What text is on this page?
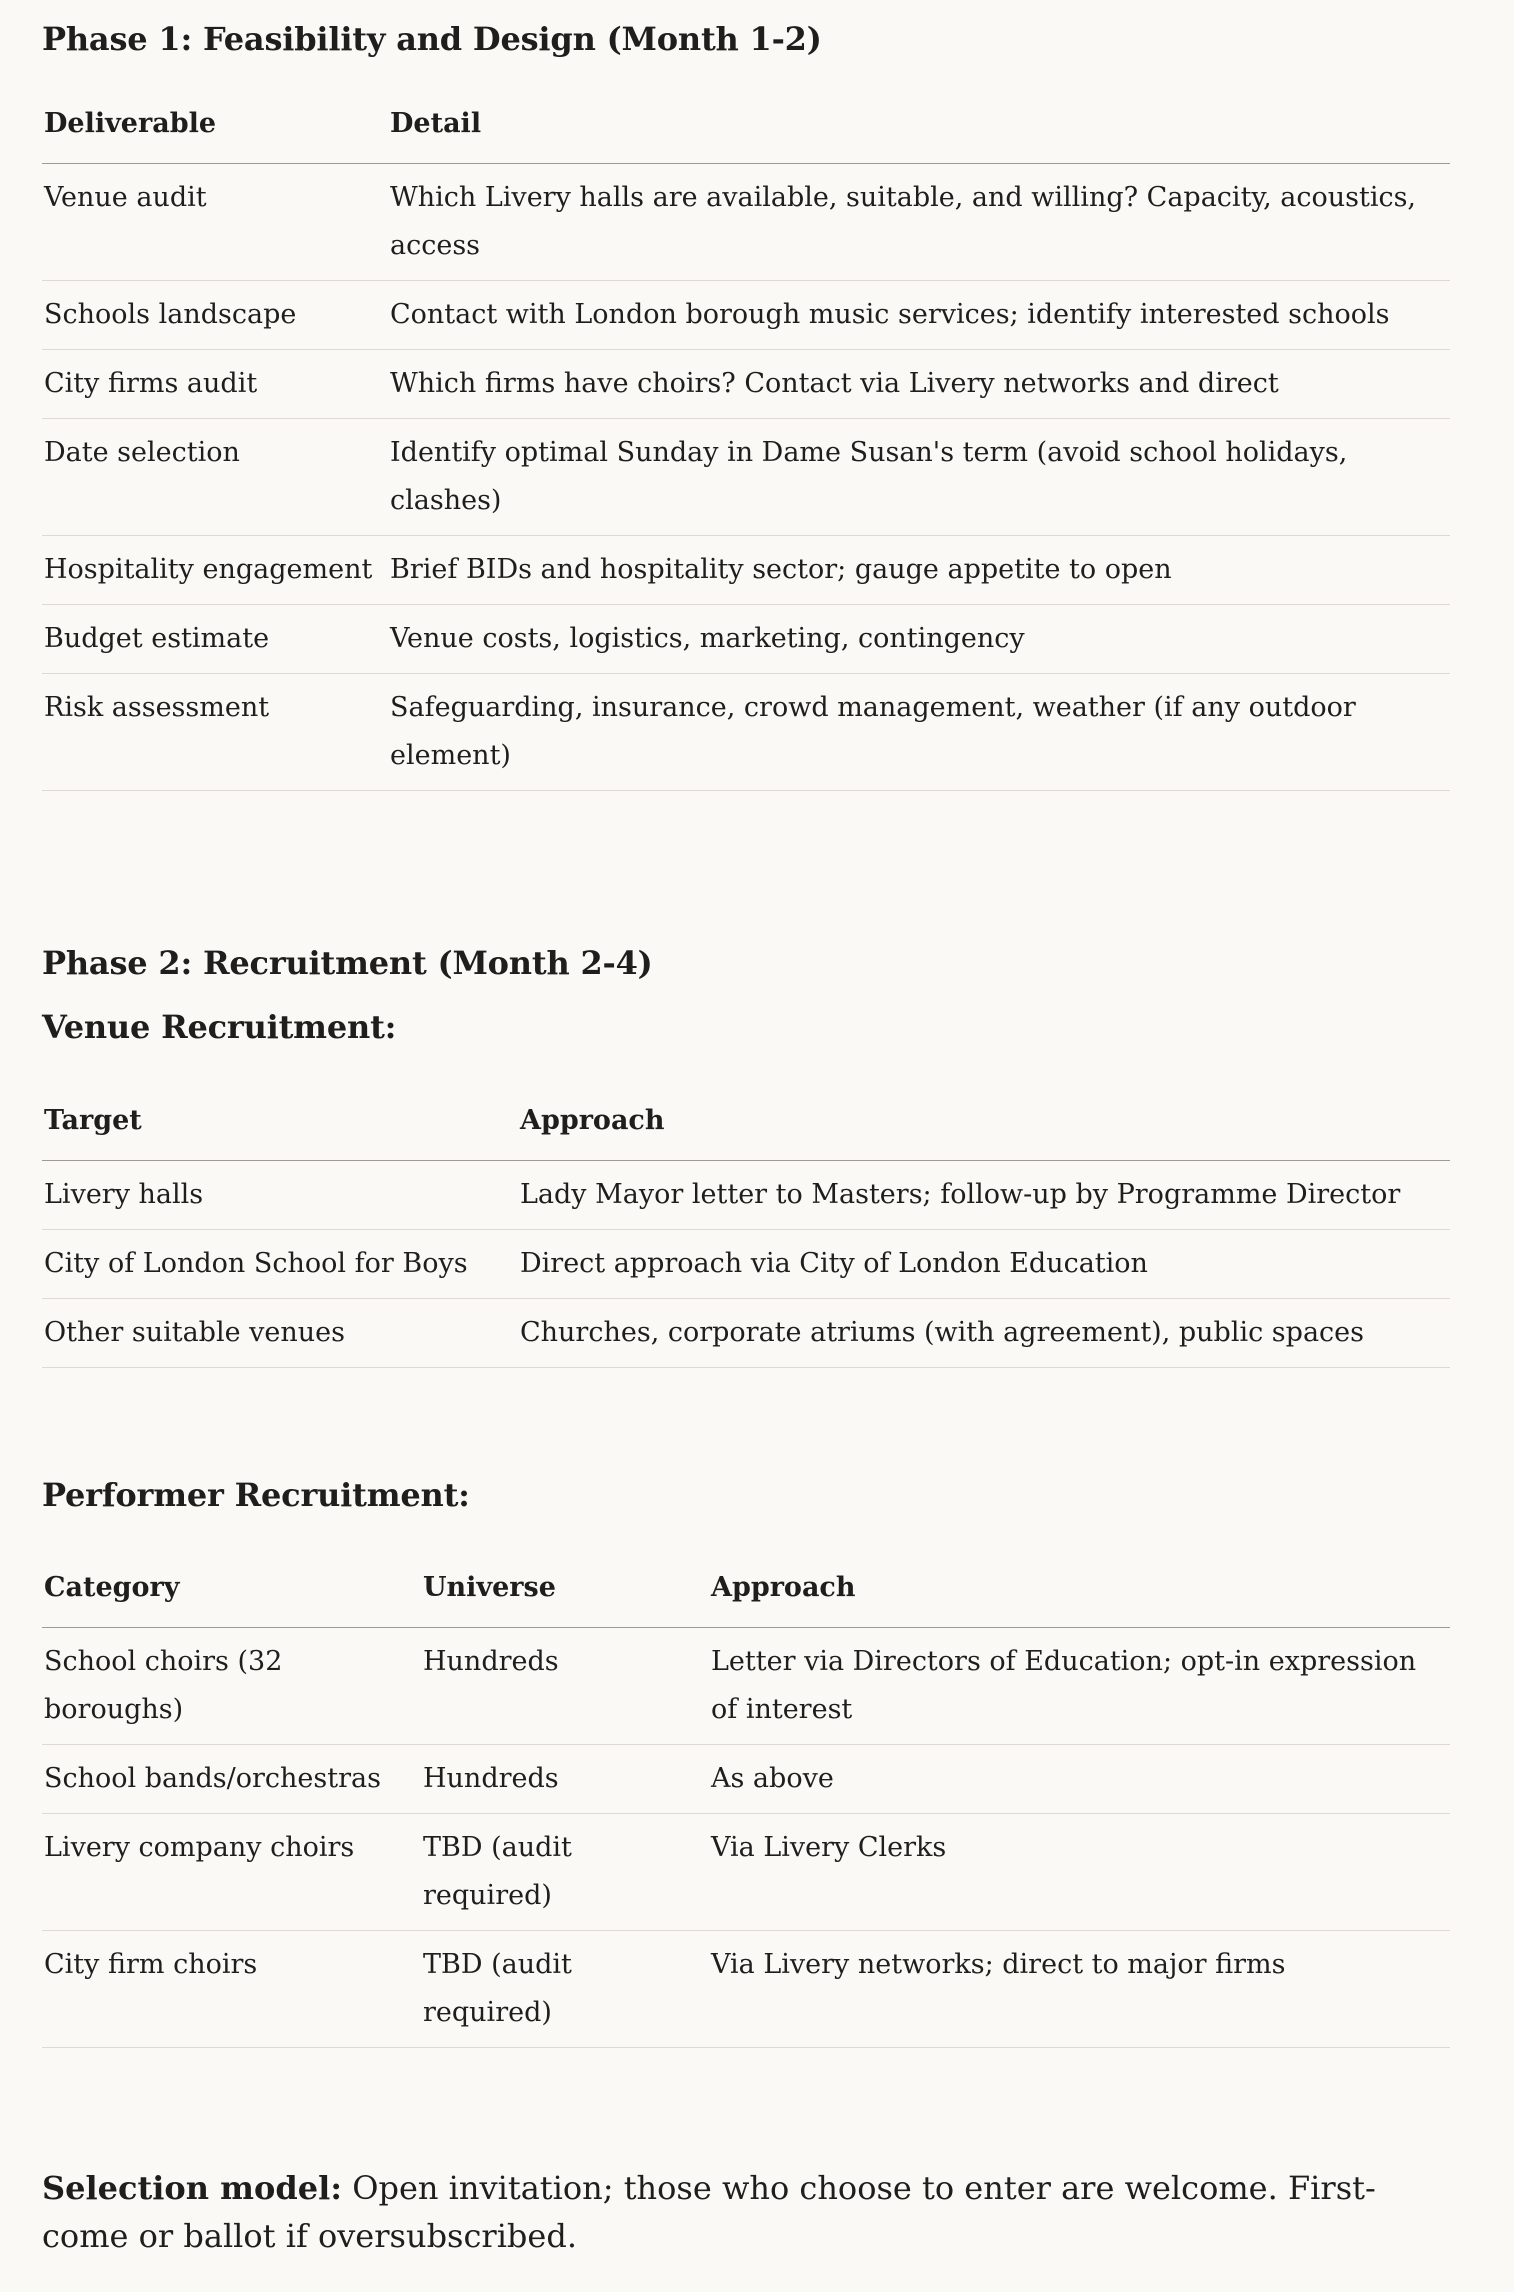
Phase 1: Feasibility and Design (Month 1-2)
Deliverable	Detail
Venue audit	Which Livery halls are available, suitable, and willing? Capacity, acoustics, access
Schools landscape	Contact with London borough music services; identify interested schools
City firms audit	Which firms have choirs? Contact via Livery networks and direct
Date selection	Identify optimal Sunday in Dame Susan's term (avoid school holidays, clashes)
Hospitality engagement	Brief BIDs and hospitality sector; gauge appetite to open
Budget estimate	Venue costs, logistics, marketing, contingency
Risk assessment	Safeguarding, insurance, crowd management, weather (if any outdoor element)
Phase 2: Recruitment (Month 2-4)
Venue Recruitment:
Target	Approach
Livery halls	Lady Mayor letter to Masters; follow-up by Programme Director
City of London School for Boys	Direct approach via City of London Education
Other suitable venues	Churches, corporate atriums (with agreement), public spaces
Performer Recruitment:
Category	Universe	Approach
School choirs (32 boroughs)	Hundreds	Letter via Directors of Education; opt-in expression of interest
School bands/orchestras	Hundreds	As above
Livery company choirs	TBD (audit required)	Via Livery Clerks
City firm choirs	TBD (audit required)	Via Livery networks; direct to major firms

Selection model: Open invitation; those who choose to enter are welcome. First-come or ballot if oversubscribed.
